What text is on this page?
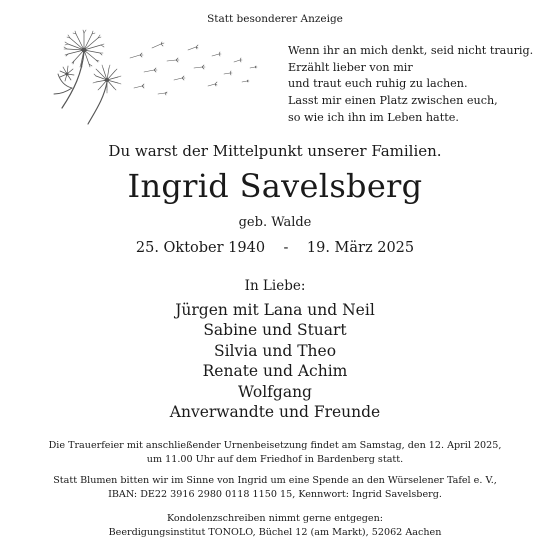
Statt besonderer Anzeige
Wenn ihr an mich denkt, seid nicht traurig.
Erzählt lieber von mir
und traut euch ruhig zu lachen.
Lasst mir einen Platz zwischen euch,
so wie ich ihn im Leben hatte.
Du warst der Mittelpunkt unserer Familien.
Ingrid Savelsberg
geb. Walde
25. Oktober 1940 - 19. März 2025
In Liebe:
Jürgen mit Lana und Neil
Sabine und Stuart
Silvia und Theo
Renate und Achim
Wolfgang
Anverwandte und Freunde
Die Trauerfeier mit anschließender Urnenbeisetzung findet am Samstag, den 12. April 2025,
um 11.00 Uhr auf dem Friedhof in Bardenberg statt.
Statt Blumen bitten wir im Sinne von Ingrid um eine Spende an den Würselener Tafel e. V.,
IBAN: DE22 3916 2980 0118 1150 15, Kennwort: Ingrid Savelsberg.
Kondolenzschreiben nimmt gerne entgegen:
Beerdigungsinstitut TONOLO, Büchel 12 (am Markt), 52062 Aachen
